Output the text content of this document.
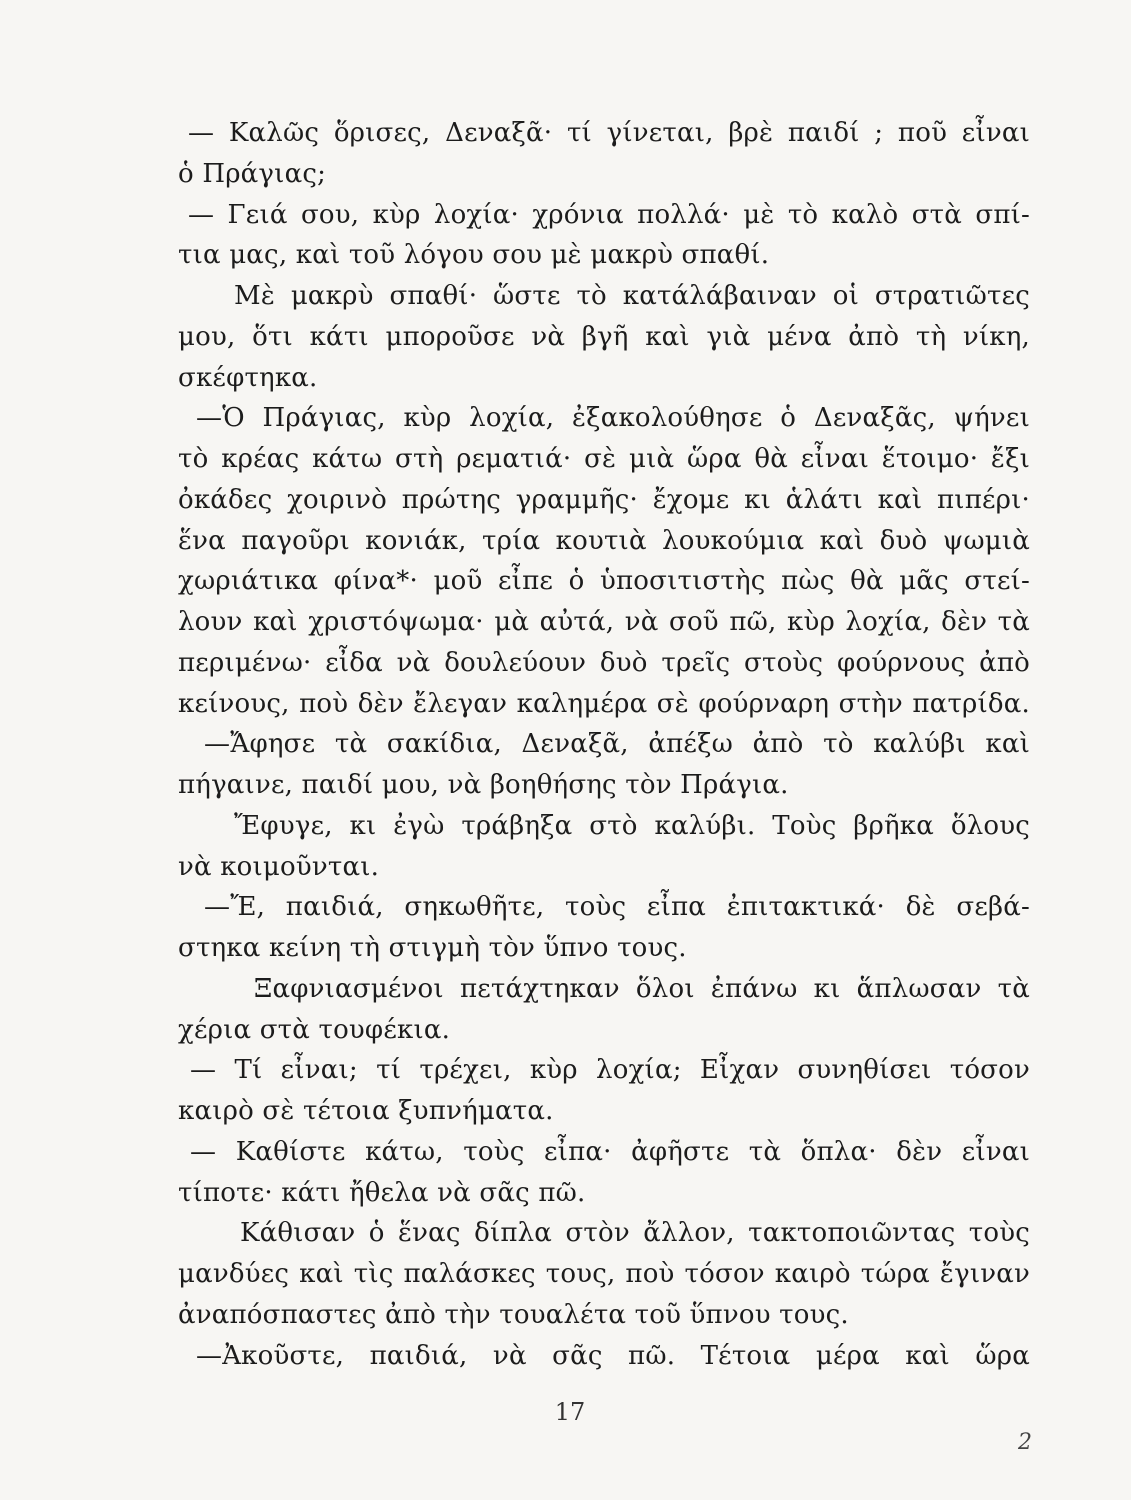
— Καλῶς ὅρισες, Δεναξᾶ· τί γίνεται, βρὲ παιδί ; ποῦ εἶναι
ὁ Πράγιας;
— Γειά σου, κὺρ λοχία· χρόνια πολλά· μὲ τὸ καλὸ στὰ σπί-
τια μας, καὶ τοῦ λόγου σου μὲ μακρὺ σπαθί.
Μὲ μακρὺ σπαθί· ὥστε τὸ κατάλάβαιναν οἱ στρατιῶτες
μου, ὅτι κάτι μποροῦσε νὰ βγῆ καὶ γιὰ μένα ἀπὸ τὴ νίκη,
σκέφτηκα.
—Ὁ Πράγιας, κὺρ λοχία, ἐξακολούθησε ὁ Δεναξᾶς, ψήνει
τὸ κρέας κάτω στὴ ρεματιά· σὲ μιὰ ὥρα θὰ εἶναι ἕτοιμο· ἔξι
ὀκάδες χοιρινὸ πρώτης γραμμῆς· ἔχομε κι ἁλάτι καὶ πιπέρι·
ἕνα παγοῦρι κονιάκ, τρία κουτιὰ λουκούμια καὶ δυὸ ψωμιὰ
χωριάτικα φίνα*· μοῦ εἶπε ὁ ὑποσιτιστὴς πὼς θὰ μᾶς στεί-
λουν καὶ χριστόψωμα· μὰ αὐτά, νὰ σοῦ πῶ, κὺρ λοχία, δὲν τὰ
περιμένω· εἶδα νὰ δουλεύουν δυὸ τρεῖς στοὺς φούρνους ἀπὸ
κείνους, ποὺ δὲν ἔλεγαν καλημέρα σὲ φούρναρη στὴν πατρίδα.
—Ἄφησε τὰ σακίδια, Δεναξᾶ, ἀπέξω ἀπὸ τὸ καλύβι καὶ
πήγαινε, παιδί μου, νὰ βοηθήσης τὸν Πράγια.
Ἔφυγε, κι ἐγὼ τράβηξα στὸ καλύβι. Τοὺς βρῆκα ὅλους
νὰ κοιμοῦνται.
—Ἔ, παιδιά, σηκωθῆτε, τοὺς εἶπα ἐπιτακτικά· δὲ σεβά-
στηκα κείνη τὴ στιγμὴ τὸν ὕπνο τους.
Ξαφνιασμένοι πετάχτηκαν ὅλοι ἐπάνω κι ἅπλωσαν τὰ
χέρια στὰ τουφέκια.
— Τί εἶναι; τί τρέχει, κὺρ λοχία; Εἶχαν συνηθίσει τόσον
καιρὸ σὲ τέτοια ξυπνήματα.
— Καθίστε κάτω, τοὺς εἶπα· ἀφῆστε τὰ ὅπλα· δὲν εἶναι
τίποτε· κάτι ἤθελα νὰ σᾶς πῶ.
Κάθισαν ὁ ἕνας δίπλα στὸν ἄλλον, τακτοποιῶντας τοὺς
μανδύες καὶ τὶς παλάσκες τους, ποὺ τόσον καιρὸ τώρα ἔγιναν
ἀναπόσπαστες ἀπὸ τὴν τουαλέτα τοῦ ὕπνου τους.
—Ἀκοῦστε, παιδιά, νὰ σᾶς πῶ. Τέτοια μέρα καὶ ὥρα
17
2
